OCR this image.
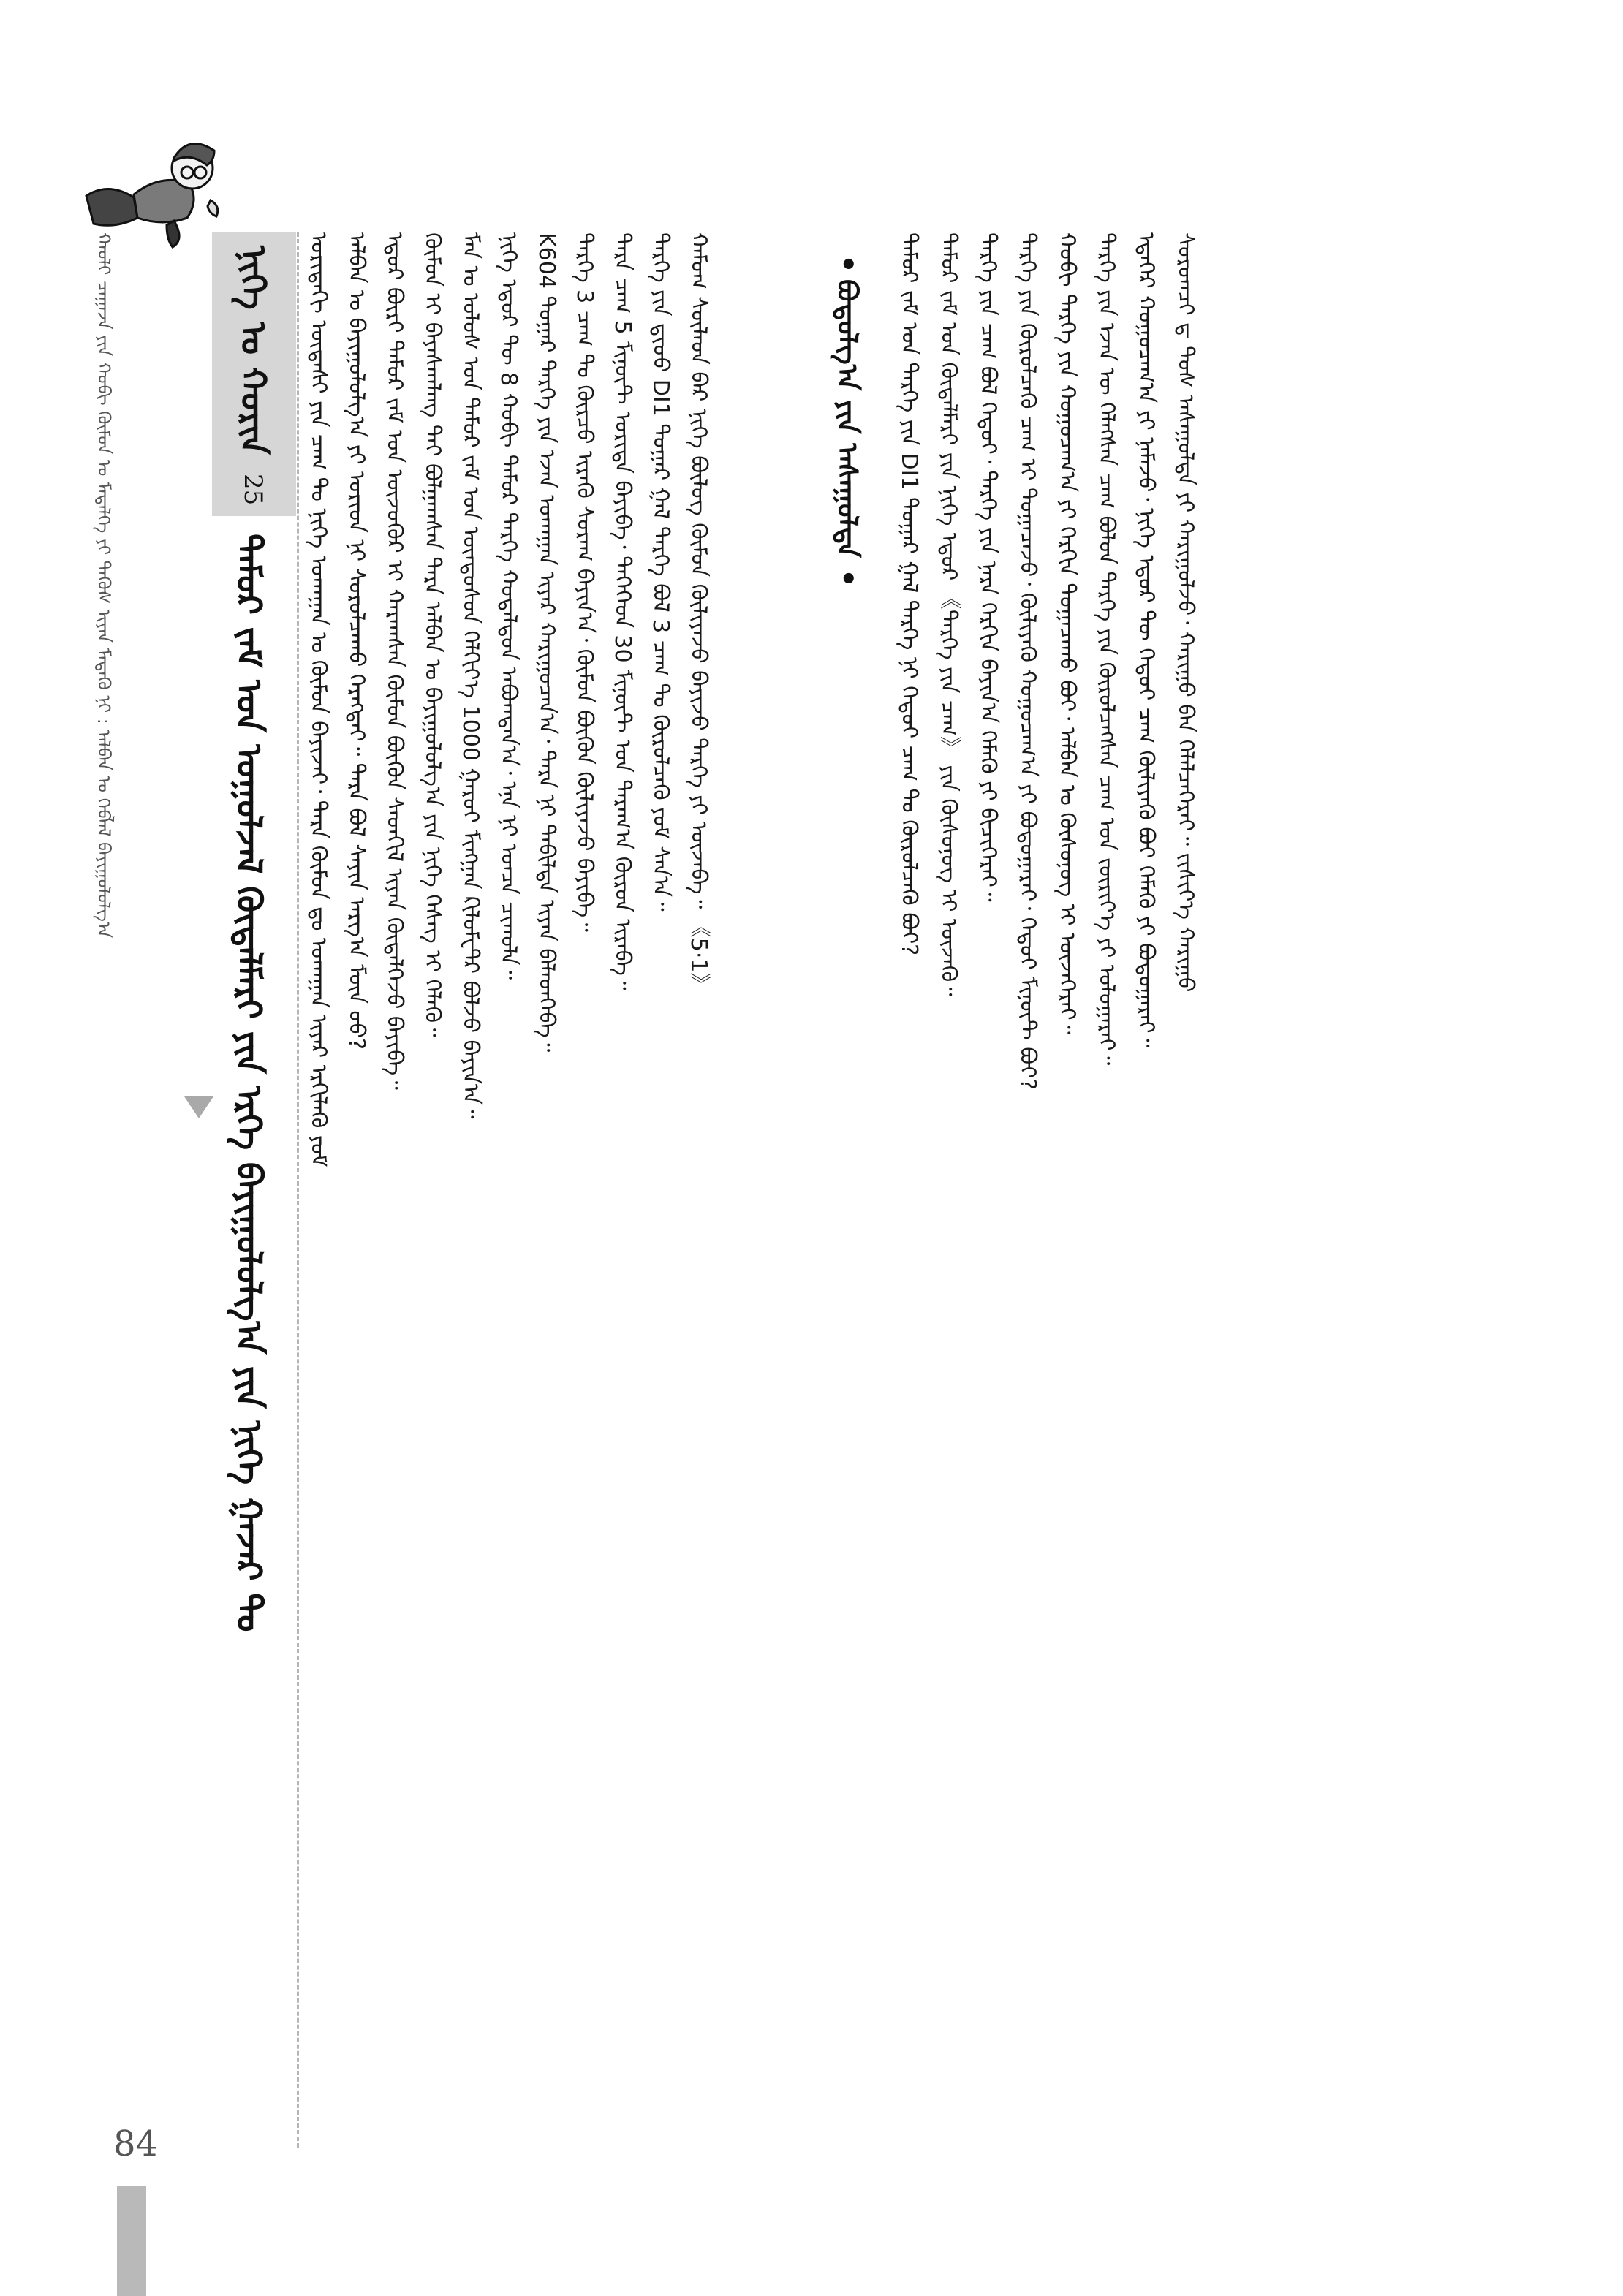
ᠬᠠᠤᠯᠢ ᠴᠠᠭᠠᠵᠠ ᠶᠢᠨ ᠬᠤᠪᠢ ᠬᠦᠮᠦᠨ ᠤ ᠮᠡᠳᠡᠯᠭᠡ ᠶᠢ ᠲᠡᠭᠦᠰ ᠢᠶᠡᠨ ᠮᠡᠳᠡᠬᠦ ᠨᠢ : ᠠᠯᠪᠠᠨ ᠤ ᠬᠡᠪᠯᠡᠯ ᠪᠠᠶᠢᠭᠤᠯᠤᠯᠭ᠎ᠠ	ᠨᠢᠭᠡ ᠤ ᠬᠤᠷᠢᠨ
25
ᠲᠡᠮᠦᠷ ᠵᠠᠮ ᠤᠨ ᠤᠭᠤᠯᠵᠠᠯ ᠬᠥᠳᠡᠯᠮᠡᠷᠢ ᠶᠢᠨ ᠡᠷᠬᠡ ᠪᠠᠶᠢᠭᠤᠯᠤᠯᠭ᠎ᠠ ᠶᠢᠨ ᠨᠢᠭᠡ ᠭᠠᠵᠠᠷ ᠲᠤ ᠤᠷᠢᠳᠠᠬᠢ ᠦᠳᠡᠰᠢ ᠶᠢᠨ ᠴᠠᠭ ᠲᠤ ᠨᠢᠭᠡ ᠤᠬᠠᠭᠠᠨ ᠤ ᠬᠦᠮᠦᠨ ᠪᠠᠶᠢᠵᠠᠢ᠂ ᠲᠡᠷᠡ ᠬᠦᠮᠦᠨ ᠳᠤ ᠤᠬᠠᠭᠠᠨ ᠢᠶᠠᠷ ᠡᠷᠬᠢᠯᠡᠬᠦ ᠶᠤᠮ ᠠᠯᠪᠠᠨ ᠤ ᠪᠠᠶᠢᠭᠤᠯᠤᠯᠭ᠎ᠠ ᠶᠢ ᠤᠷᠢᠳ ᠨᠢ ᠰᠤᠷᠤᠯᠴᠠᠬᠤ ᠬᠡᠷᠡᠭᠲᠡᠢ᠃ ᠲᠡᠷᠡ ᠪᠤᠯ ᠰᠠᠶᠢᠨ ᠠᠷᠭ᠎ᠠ ᠮᠥᠨ ᠦᠦ? ᠡᠳᠦᠷ ᠪᠦᠷᠢ ᠲᠡᠮᠦᠷ ᠵᠠᠮ ᠤᠨ ᠦᠵᠦᠭᠦᠷ ᠢ ᠬᠠᠷᠠᠭᠰᠠᠨ ᠬᠦᠮᠦᠨ ᠪᠦᠬᠦᠨ ᠰᠡᠳᠬᠢᠯ ᠢᠶᠡᠨ ᠬᠥᠳᠡᠯᠭᠡᠵᠦ ᠪᠠᠶᠢᠪᠠ᠃ ᠬᠦᠮᠦᠨ ᠢ ᠪᠠᠶᠠᠰᠬᠠᠯᠠᠩ ᠲᠠᠢ ᠪᠤᠯᠭᠠᠭᠰᠠᠨ ᠲᠡᠷᠡ ᠠᠯᠪᠠᠨ ᠤ ᠪᠠᠶᠢᠭᠤᠯᠤᠯᠭ᠎ᠠ ᠶᠢᠨ ᠨᠢᠭᠡ ᠬᠡᠰᠡᠭ ᠢ ᠬᠡᠯᠡᠬᠦ᠃ ᠮᠠᠨ ᠤ ᠤᠯᠤᠰ ᠤᠨ ᠲᠡᠮᠦᠷ ᠵᠠᠮ ᠤᠨ ᠦᠨᠳᠦᠰᠦᠨ ᠬᠡᠯᠬᠢᠶ᠎ᠡ 1000 ᠭᠠᠷᠤᠢ ᠮᠢᠩᠭᠠᠨ ᠺᠢᠯᠤᠮᠧᠲᠷ ᠪᠤᠯᠵᠤ ᠪᠠᠶᠢᠨ᠎ᠠ᠃ ᠨᠢᠭᠡ ᠡᠳᠦᠷ ᠲᠦ 8 ᠬᠤᠪᠢ ᠲᠡᠮᠦᠷ ᠲᠡᠷᠭᠡ ᠬᠤᠳᠠᠯᠳᠤᠨ ᠠᠪᠤᠭᠳᠠᠨ᠎ᠠ᠂ ᠡᠨᠡ ᠨᠢ ᠤᠨᠴᠠ ᠴᠢᠬᠤᠯᠠ᠃ K604 ᠳᠤᠭᠠᠷ ᠲᠡᠷᠭᠡ ᠶᠢᠨ ᠡᠵᠡᠨ ᠤᠬᠠᠭᠠᠨ ᠢᠶᠠᠷ ᠬᠠᠷᠢᠭᠤᠴᠠᠨ᠎ᠠ᠂ ᠲᠡᠷᠡ ᠨᠢ ᠲᠠᠪᠢᠯᠲᠠ ᠢᠶᠠᠨ ᠪᠡᠯᠡᠳᠬᠡᠪᠡ᠃ ᠲᠡᠷᠭᠡ 3 ᠴᠠᠭ ᠲᠤ ᠬᠦᠷᠴᠦ ᠢᠷᠡᠬᠦ ᠰᠤᠷᠠᠭ ᠪᠠᠶᠢᠨ᠎ᠠ᠂ ᠬᠦᠮᠦᠨ ᠪᠦᠬᠦᠨ ᠬᠦᠯᠢᠶᠡᠵᠦ ᠪᠠᠶᠢᠪᠠ᠃ ᠲᠡᠷᠡ ᠴᠠᠭ 5 ᠮᠢᠨᠦ᠋ᠲ ᠤᠷᠢᠳᠠ ᠪᠠᠶᠢᠪᠠ᠂ ᠲᠡᠭᠡᠭᠡᠳ 30 ᠮᠢᠨᠦ᠋ᠲ ᠤᠨ ᠳᠠᠷᠠᠭ᠎ᠠ ᠬᠦᠷᠦᠨ ᠢᠷᠡᠪᠡ᠃ ᠲᠡᠷᠭᠡ ᠶᠢᠨ ᠳ᠋ᠢᠤᠤ DI1 ᠳᠤᠭᠠᠷ ᠭᠠᠯ ᠲᠡᠷᠭᠡ ᠪᠤᠯ 3 ᠴᠠᠭ ᠲᠤ ᠬᠦᠷᠦᠯᠴᠡᠬᠦ ᠶᠤᠮ ᠰᠠᠨ᠎ᠠ᠃ ᠬᠠᠮᠤᠭ ᠰᠦᠯᠡᠳ ᠪᠠᠷ ᠨᠢᠭᠡ ᠪᠦᠯᠦᠭ ᠬᠦᠮᠦᠨ ᠬᠦᠯᠢᠶᠡᠵᠦ ᠪᠠᠶᠢᠵᠤ ᠲᠡᠷᠭᠡ ᠶᠢ ᠦᠵᠡᠪᠡ᠃ 《5·1》	•
ᠪᠤᠳᠤᠯᠭ᠎ᠠ ᠶᠢᠨ ᠠᠰᠠᠭᠤᠯᠲᠠ
• ᠲᠡᠮᠦᠷ ᠵᠠᠮ ᠤᠨ ᠲᠡᠷᠭᠡ ᠶᠢᠨ DI1 ᠳᠤᠭᠠᠷ ᠭᠠᠯ ᠲᠡᠷᠭᠡ ᠨᠢ ᠬᠡᠳᠦᠢ ᠴᠠᠭ ᠲᠤ ᠬᠦᠷᠦᠯᠴᠡᠬᠦ ᠪᠤᠢ? ᠲᠡᠮᠦᠷ ᠵᠠᠮ ᠤᠨ ᠬᠥᠳᠡᠯᠮᠡᠷᠢ ᠶᠢᠨ ᠨᠢᠭᠡ ᠡᠳᠦᠷ 《ᠲᠡᠷᠭᠡ ᠶᠢᠨ ᠴᠠᠭ》 ᠶᠢᠨ ᠬᠦᠰᠦᠨᠦᠭ ᠢ ᠦᠵᠡᠬᠦ᠃ ᠲᠡᠷᠭᠡ ᠶᠢᠨ ᠴᠠᠭ ᠪᠤᠯ ᠬᠡᠳᠦᠢ᠂ ᠲᠡᠷᠭᠡ ᠶᠢᠨ ᠨᠡᠷᠡ ᠬᠡᠷᠬᠢᠨ ᠪᠠᠶᠢᠨ᠎ᠠ ᠬᠡᠮᠡᠬᠦ ᠶᠢ ᠪᠢᠴᠢᠭᠡᠷᠡᠢ᠃ ᠲᠡᠷᠭᠡ ᠶᠢᠨ ᠬᠦᠷᠦᠯᠴᠡᠬᠦ ᠴᠠᠭ ᠢ ᠲᠤᠭᠠᠴᠠᠵᠤ᠂ ᠬᠦᠯᠢᠶᠡᠬᠦ ᠬᠤᠭᠤᠴᠠᠭ᠎ᠠ ᠶᠢ ᠪᠤᠳᠤᠭᠠᠷᠠᠢ᠂ ᠬᠡᠳᠦᠢ ᠮᠢᠨᠦ᠋ᠲ ᠪᠤᠢ? ᠬᠤᠪᠢ ᠲᠡᠷᠭᠡ ᠶᠢᠨ ᠬᠤᠭᠤᠴᠠᠭ᠎ᠠ ᠶᠢ ᠬᠡᠷᠬᠢᠨ ᠲᠤᠭᠠᠴᠠᠬᠤ ᠪᠤᠢ᠂ ᠠᠯᠪᠠᠨ ᠤ ᠬᠦᠰᠦᠨᠦᠭ ᠢ ᠦᠵᠡᠭᠡᠷᠡᠢ᠃ ᠲᠡᠷᠭᠡ ᠶᠢᠨ ᠡᠵᠡᠨ ᠦ ᠬᠡᠯᠡᠭᠰᠡᠨ ᠴᠠᠭ ᠪᠤᠯᠤᠨ ᠲᠡᠷᠭᠡ ᠶᠢᠨ ᠬᠦᠷᠦᠯᠴᠡᠭᠰᠡᠨ ᠴᠠᠭ ᠤᠨ ᠵᠥᠷᠢᠶ᠎ᠡ ᠶᠢ ᠤᠯᠤᠭᠠᠷᠠᠢ᠃ ᠡᠳᠡᠭᠡᠷ ᠬᠤᠭᠤᠴᠠᠭ᠎ᠠ ᠶᠢ ᠨᠡᠮᠡᠵᠦ᠂ ᠨᠢᠭᠡ ᠡᠳᠦᠷ ᠲᠦ ᠬᠡᠳᠦᠢ ᠴᠠᠭ ᠬᠦᠯᠢᠶᠡᠬᠦ ᠪᠤᠢ ᠬᠡᠮᠡᠬᠦ ᠶᠢ ᠪᠤᠳᠤᠭᠠᠷᠠᠢ᠃ ᠰᠤᠷᠤᠭᠴᠢ ᠳ ᠲᠤᠰ ᠠᠰᠠᠭᠤᠯᠲᠠ ᠶᠢ ᠬᠠᠷᠢᠭᠤᠯᠵᠤ᠂ ᠬᠠᠷᠢᠭᠤ ᠪᠡᠨ ᠬᠡᠯᠡᠯᠴᠡᠭᠡᠷᠡᠢ᠃ ᠵᠢᠱᠢᠶ᠎ᠡ ᠬᠠᠷᠢᠭᠤ
84
